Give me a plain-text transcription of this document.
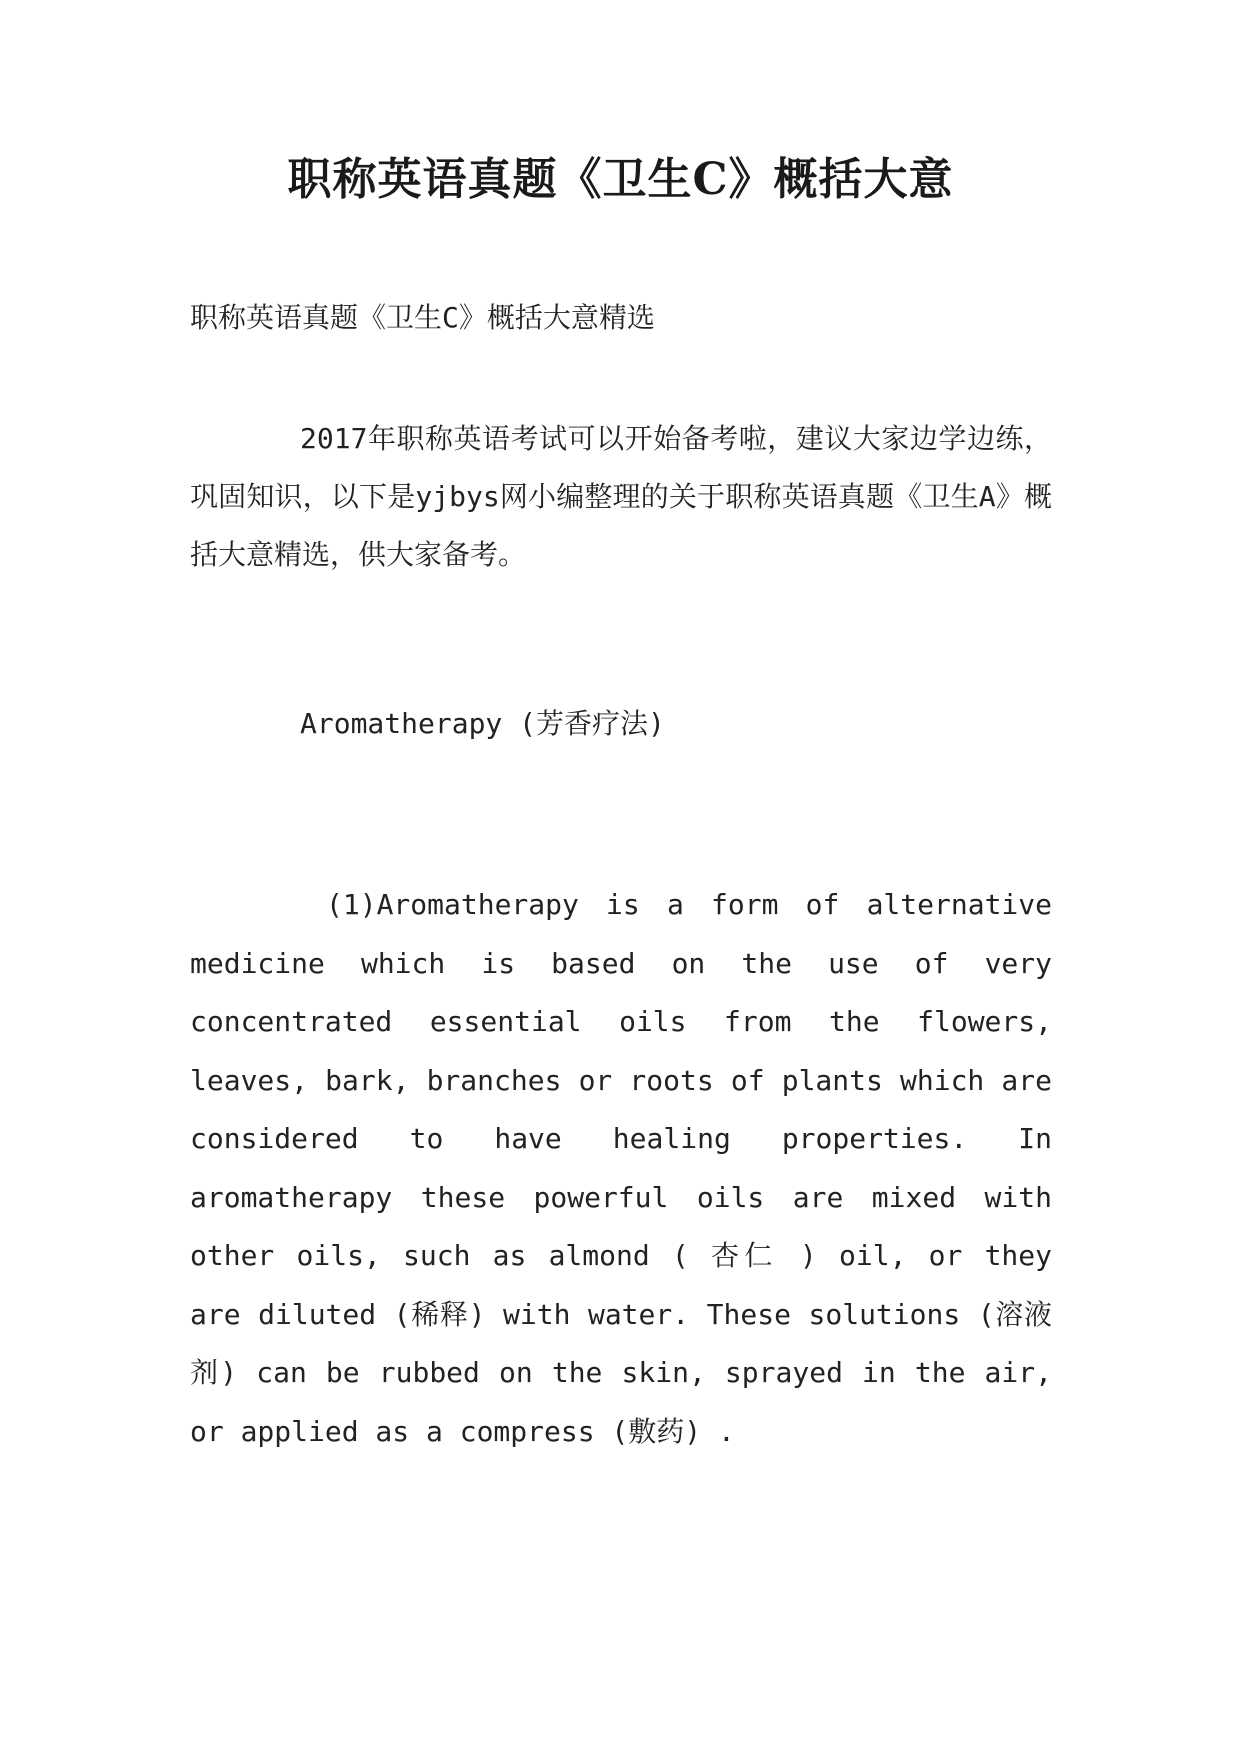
职称英语真题《卫生C》概括大意

职称英语真题《卫生C》概括大意精选

2017年职称英语考试可以开始备考啦，建议大家边学边练，巩固知识，以下是yjbys网小编整理的关于职称英语真题《卫生A》概括大意精选，供大家备考。

Aromatherapy (芳香疗法)

(1)Aromatherapy is a form of alternative medicine which is based on the use of very concentrated essential oils from the flowers, leaves, bark, branches or roots of plants which are considered to have healing properties. In aromatherapy these powerful oils are mixed with other oils, such as almond ( 杏仁 ) oil, or they are diluted (稀释) with water. These solutions (溶液剂) can be rubbed on the skin, sprayed in the air, or applied as a compress (敷药) .
